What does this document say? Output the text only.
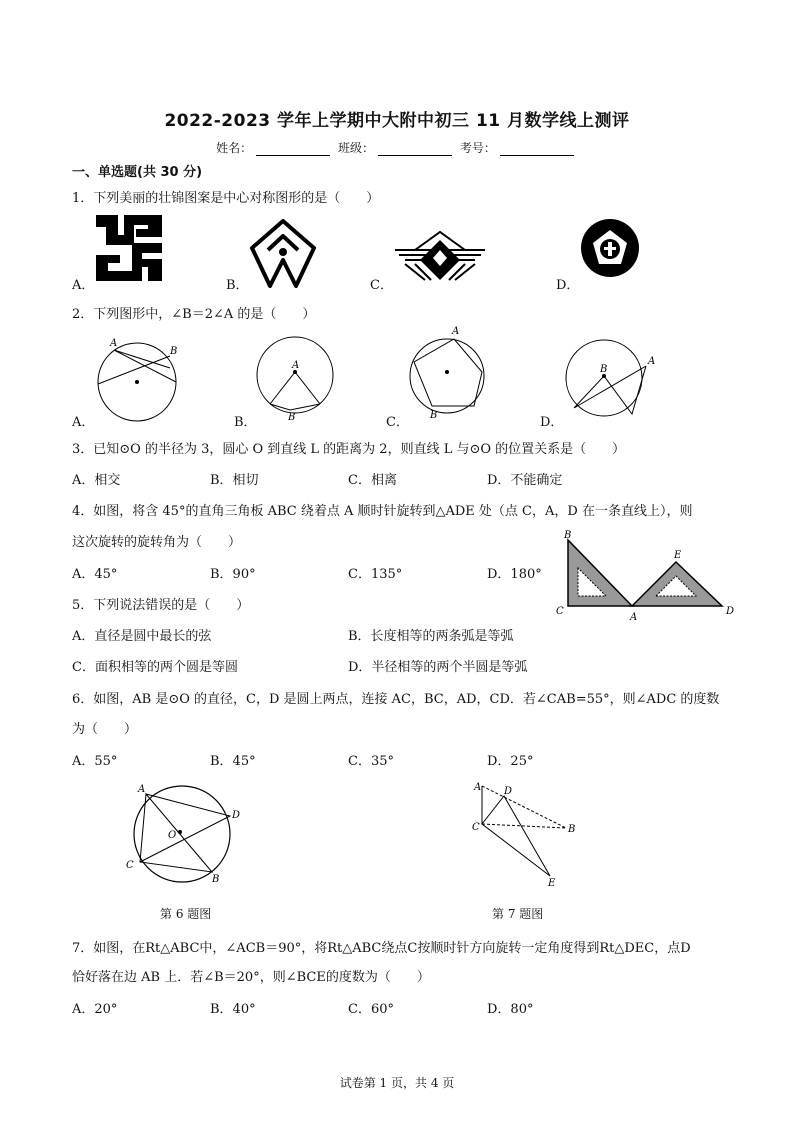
2022-2023 学年上学期中大附中初三 11 月数学线上测评
姓名：	班级：	考号：
一、单选题(共 30 分)
1．下列美丽的壮锦图案是中心对称图形的是（　　）
A．	B．	C．	D．
2．下列图形中，∠B＝2∠A 的是（　　）
A
B
A
B
A
B
B
A
A．	B．	C．	D．
3．已知⊙O 的半径为 3，圆心 O 到直线 L 的距离为 2，则直线 L 与⊙O 的位置关系是（　　）
A．相交	B．相切	C．相离	D．不能确定
4．如图，将含 45°的直角三角板 ABC 绕着点 A 顺时针旋转到△ADE 处（点 C，A，D 在一条直线上），则
这次旋转的旋转角为（　　）
A．45°	B．90°	C．135°	D．180°
B
E
C
A
D
5．下列说法错误的是（　　）
A．直径是圆中最长的弦	B．长度相等的两条弧是等弧
C．面积相等的两个圆是等圆	D．半径相等的两个半圆是等弧
6．如图，AB 是⊙O 的直径，C，D 是圆上两点，连接 AC，BC，AD，CD．若∠CAB=55°，则∠ADC 的度数
为（　　）
A．55°	B．45°	C．35°	D．25°
A
D
O
C
B
A D
C	B
E
第 6 题图	第 7 题图
7．如图，在Rt△ABC中，∠ACB＝90°，将Rt△ABC绕点C按顺时针方向旋转一定角度得到Rt△DEC，点D
恰好落在边 AB 上．若∠B＝20°，则∠BCE的度数为（　　）
A．20°	B．40°	C．60°	D．80°
试卷第 1 页，共 4 页
